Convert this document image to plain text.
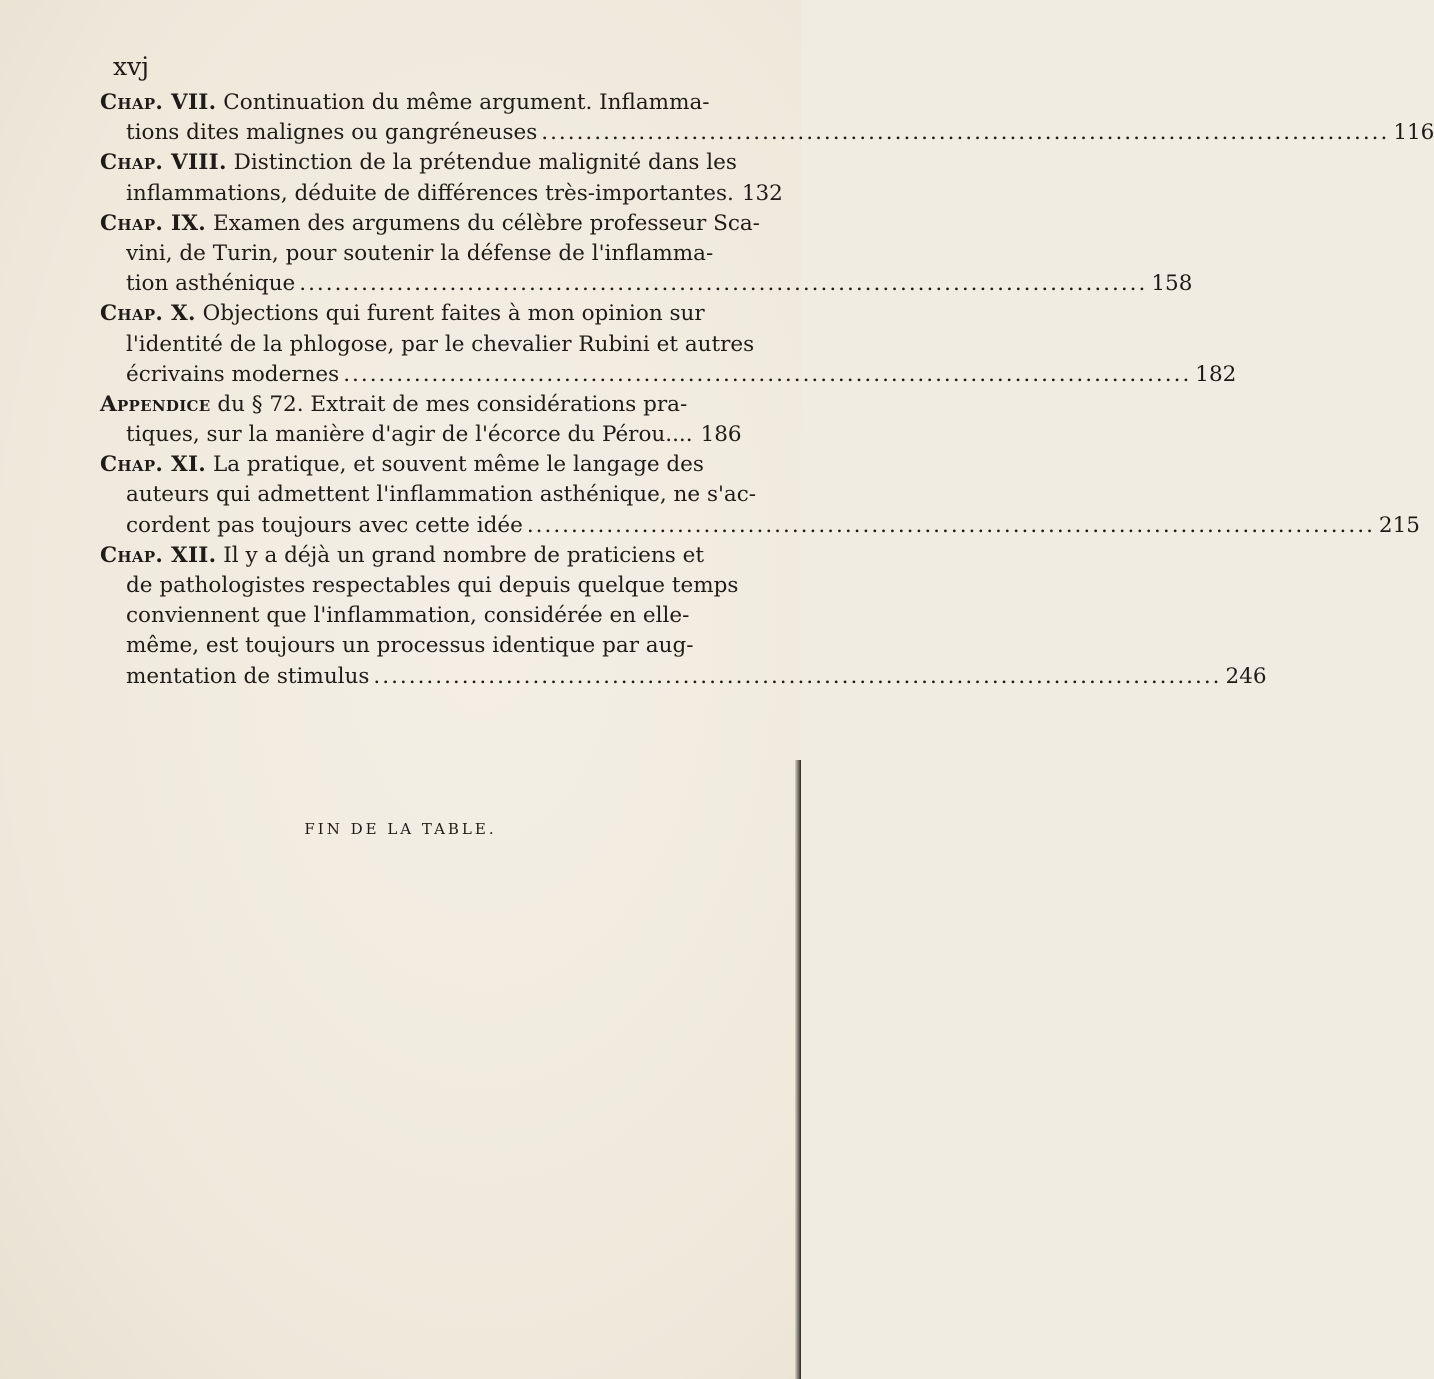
xvj
Chap. VII. Continuation du même argument. Inflamma-
tions dites malignes ou gangréneuses ................................................................................................ 116
Chap. VIII. Distinction de la prétendue malignité dans les
inflammations, déduite de différences très-importantes. 132
Chap. IX. Examen des argumens du célèbre professeur Sca-
vini, de Turin, pour soutenir la défense de l'inflamma-
tion asthénique ................................................................................................ 158
Chap. X. Objections qui furent faites à mon opinion sur
l'identité de la phlogose, par le chevalier Rubini et autres
écrivains modernes ................................................................................................ 182
Appendice du § 72. Extrait de mes considérations pra-
tiques, sur la manière d'agir de l'écorce du Pérou.... 186
Chap. XI. La pratique, et souvent même le langage des
auteurs qui admettent l'inflammation asthénique, ne s'ac-
cordent pas toujours avec cette idée ................................................................................................ 215
Chap. XII. Il y a déjà un grand nombre de praticiens et
de pathologistes respectables qui depuis quelque temps
conviennent que l'inflammation, considérée en elle-
même, est toujours un processus identique par aug-
mentation de stimulus ................................................................................................ 246
FIN DE LA TABLE.
